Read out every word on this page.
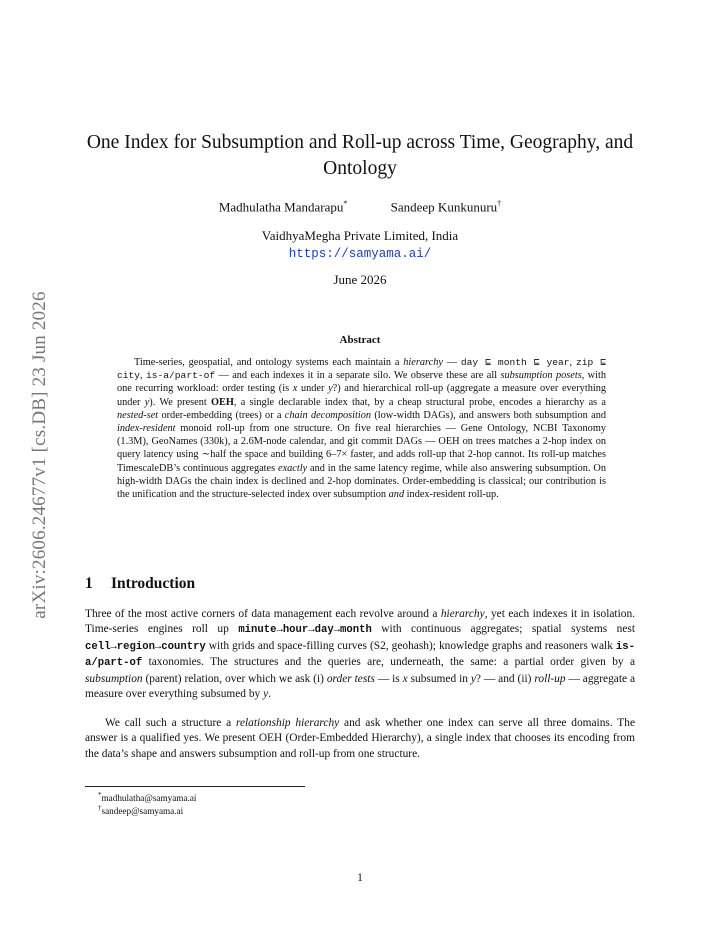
arXiv:2606.24677v1 [cs.DB] 23 Jun 2026
One Index for Subsumption and Roll-up across Time, Geography, and Ontology
Madhulatha Mandarapu*	Sandeep Kunkunuru†
VaidhyaMegha Private Limited, India
https://samyama.ai/
June 2026
Abstract
Time-series, geospatial, and ontology systems each maintain a hierarchy — day ⊑ month ⊑ year, zip ⊑ city, is-a/part-of — and each indexes it in a separate silo. We observe these are all subsumption posets, with one recurring workload: order testing (is x under y?) and hierarchical roll-up (aggregate a measure over everything under y). We present OEH, a single declarable index that, by a cheap structural probe, encodes a hierarchy as a nested-set order-embedding (trees) or a chain decomposition (low-width DAGs), and answers both subsumption and index-resident monoid roll-up from one structure. On five real hierarchies — Gene Ontology, NCBI Taxonomy (1.3M), GeoNames (330k), a 2.6M-node calendar, and git commit DAGs — OEH on trees matches a 2-hop index on query latency using ∼half the space and building 6–7× faster, and adds roll-up that 2-hop cannot. Its roll-up matches TimescaleDB’s continuous aggregates exactly and in the same latency regime, while also answering subsumption. On high-width DAGs the chain index is declined and 2-hop dominates. Order-embedding is classical; our contribution is the unification and the structure-selected index over subsumption and index-resident roll-up.
1 Introduction
Three of the most active corners of data management each revolve around a hierarchy, yet each indexes it in isolation. Time-series engines roll up minute→hour→day→month with continuous aggregates; spatial systems nest cell→region→country with grids and space-filling curves (S2, geohash); knowledge graphs and reasoners walk is-a/part-of taxonomies. The structures and the queries are, underneath, the same: a partial order given by a subsumption (parent) relation, over which we ask (i) order tests — is x subsumed in y? — and (ii) roll-up — aggregate a measure over everything subsumed by y.
We call such a structure a relationship hierarchy and ask whether one index can serve all three domains. The answer is a qualified yes. We present OEH (Order-Embedded Hierarchy), a single index that chooses its encoding from the data’s shape and answers subsumption and roll-up from one structure.
*madhulatha@samyama.ai
†sandeep@samyama.ai
1
